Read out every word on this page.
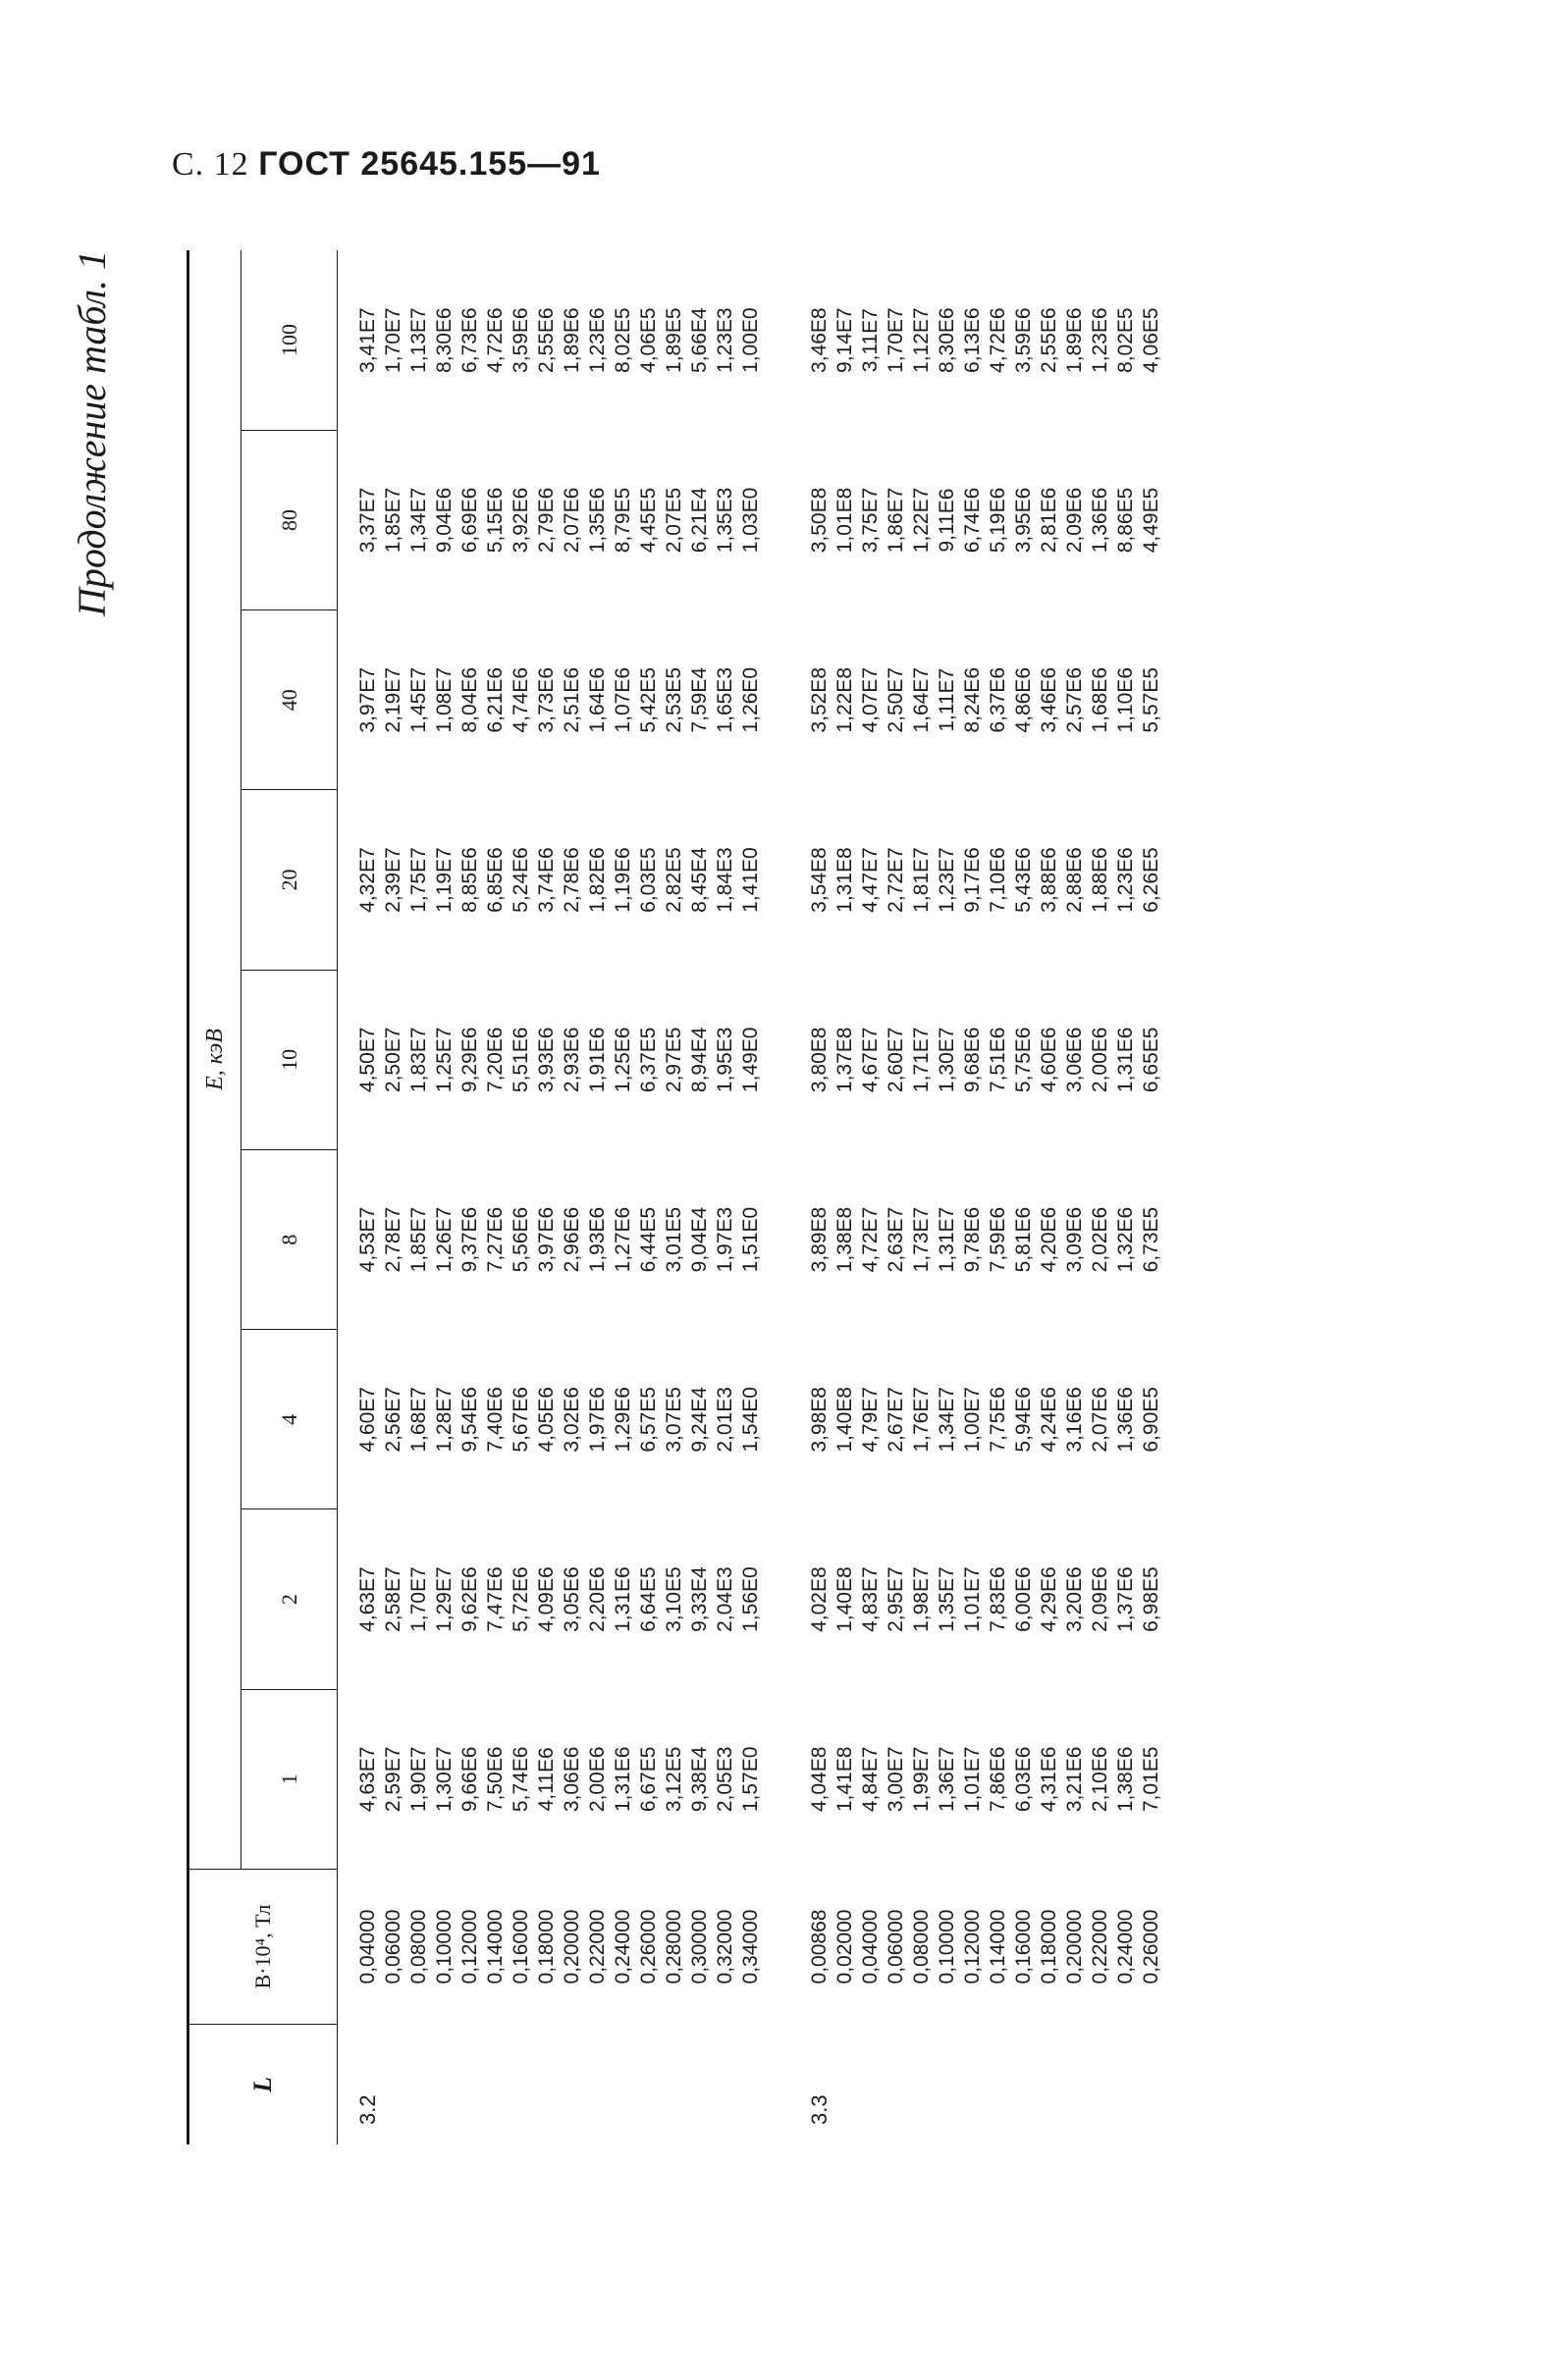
С. 12 ГОСТ 25645.155—91
Продолжение табл. 1
L	B·10⁴, Тл	E, кэВ								
		1	2	4	8	10	20	40	80	100

3.2	0,04000	4,63E7	4,63E7	4,60E7	4,53E7	4,50E7	4,32E7	3,97E7	3,37E7	3,41E7
	0,06000	2,59E7	2,58E7	2,56E7	2,78E7	2,50E7	2,39E7	2,19E7	1,85E7	1,70E7
	0,08000	1,90E7	1,70E7	1,68E7	1,85E7	1,83E7	1,75E7	1,45E7	1,34E7	1,13E7
	0,10000	1,30E7	1,29E7	1,28E7	1,26E7	1,25E7	1,19E7	1,08E7	9,04E6	8,30E6
	0,12000	9,66E6	9,62E6	9,54E6	9,37E6	9,29E6	8,85E6	8,04E6	6,69E6	6,73E6
	0,14000	7,50E6	7,47E6	7,40E6	7,27E6	7,20E6	6,85E6	6,21E6	5,15E6	4,72E6
	0,16000	5,74E6	5,72E6	5,67E6	5,56E6	5,51E6	5,24E6	4,74E6	3,92E6	3,59E6
	0,18000	4,11E6	4,09E6	4,05E6	3,97E6	3,93E6	3,74E6	3,73E6	2,79E6	2,55E6
	0,20000	3,06E6	3,05E6	3,02E6	2,96E6	2,93E6	2,78E6	2,51E6	2,07E6	1,89E6
	0,22000	2,00E6	2,20E6	1,97E6	1,93E6	1,91E6	1,82E6	1,64E6	1,35E6	1,23E6
	0,24000	1,31E6	1,31E6	1,29E6	1,27E6	1,25E6	1,19E6	1,07E6	8,79E5	8,02E5
	0,26000	6,67E5	6,64E5	6,57E5	6,44E5	6,37E5	6,03E5	5,42E5	4,45E5	4,06E5
	0,28000	3,12E5	3,10E5	3,07E5	3,01E5	2,97E5	2,82E5	2,53E5	2,07E5	1,89E5
	0,30000	9,38E4	9,33E4	9,24E4	9,04E4	8,94E4	8,45E4	7,59E4	6,21E4	5,66E4
	0,32000	2,05E3	2,04E3	2,01E3	1,97E3	1,95E3	1,84E3	1,65E3	1,35E3	1,23E3
	0,34000	1,57E0	1,56E0	1,54E0	1,51E0	1,49E0	1,41E0	1,26E0	1,03E0	1,00E0

3.3	0,00868	4,04E8	4,02E8	3,98E8	3,89E8	3,80E8	3,54E8	3,52E8	3,50E8	3,46E8
	0,02000	1,41E8	1,40E8	1,40E8	1,38E8	1,37E8	1,31E8	1,22E8	1,01E8	9,14E7
	0,04000	4,84E7	4,83E7	4,79E7	4,72E7	4,67E7	4,47E7	4,07E7	3,75E7	3,11E7
	0,06000	3,00E7	2,95E7	2,67E7	2,63E7	2,60E7	2,72E7	2,50E7	1,86E7	1,70E7
	0,08000	1,99E7	1,98E7	1,76E7	1,73E7	1,71E7	1,81E7	1,64E7	1,22E7	1,12E7
	0,10000	1,36E7	1,35E7	1,34E7	1,31E7	1,30E7	1,23E7	1,11E7	9,11E6	8,30E6
	0,12000	1,01E7	1,01E7	1,00E7	9,78E6	9,68E6	9,17E6	8,24E6	6,74E6	6,13E6
	0,14000	7,86E6	7,83E6	7,75E6	7,59E6	7,51E6	7,10E6	6,37E6	5,19E6	4,72E6
	0,16000	6,03E6	6,00E6	5,94E6	5,81E6	5,75E6	5,43E6	4,86E6	3,95E6	3,59E6
	0,18000	4,31E6	4,29E6	4,24E6	4,20E6	4,60E6	3,88E6	3,46E6	2,81E6	2,55E6
	0,20000	3,21E6	3,20E6	3,16E6	3,09E6	3,06E6	2,88E6	2,57E6	2,09E6	1,89E6
	0,22000	2,10E6	2,09E6	2,07E6	2,02E6	2,00E6	1,88E6	1,68E6	1,36E6	1,23E6
	0,24000	1,38E6	1,37E6	1,36E6	1,32E6	1,31E6	1,23E6	1,10E6	8,86E5	8,02E5
	0,26000	7,01E5	6,98E5	6,90E5	6,73E5	6,65E5	6,26E5	5,57E5	4,49E5	4,06E5
